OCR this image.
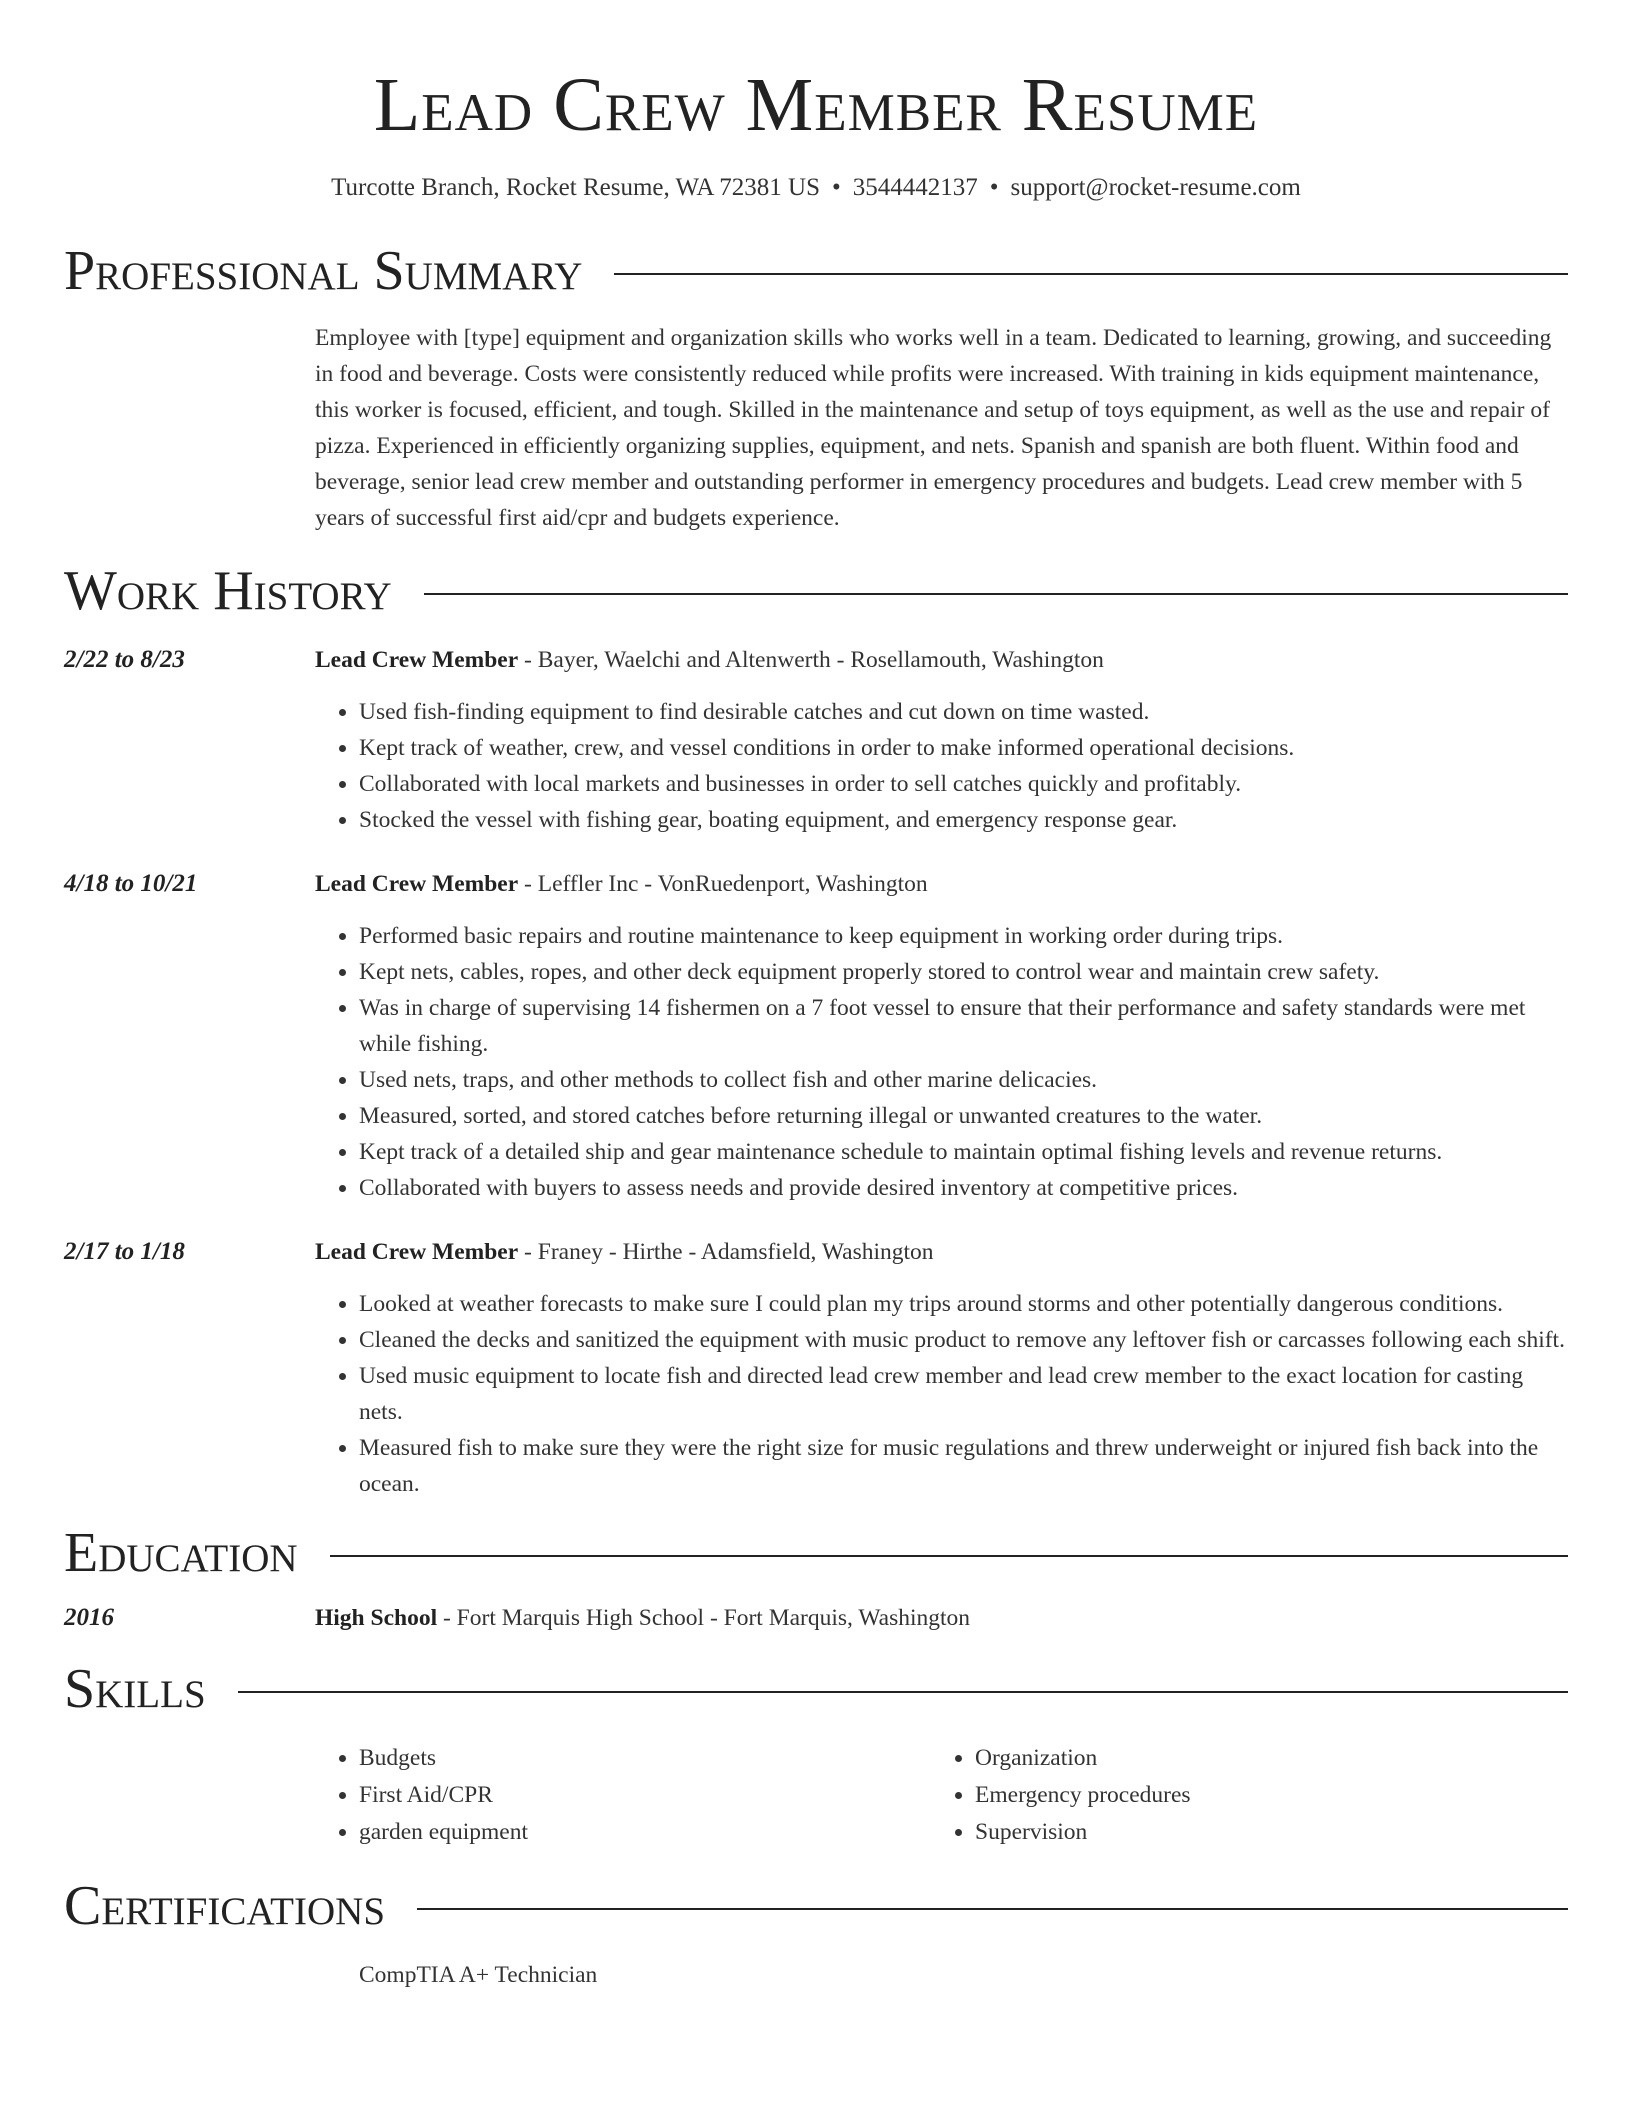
Lead Crew Member Resume
Turcotte Branch, Rocket Resume, WA 72381 US • 3544442137 • support@rocket-resume.com
Professional Summary
Employee with [type] equipment and organization skills who works well in a team. Dedicated to learning, growing, and succeeding in food and beverage. Costs were consistently reduced while profits were increased. With training in kids equipment maintenance, this worker is focused, efficient, and tough. Skilled in the maintenance and setup of toys equipment, as well as the use and repair of pizza. Experienced in efficiently organizing supplies, equipment, and nets. Spanish and spanish are both fluent. Within food and beverage, senior lead crew member and outstanding performer in emergency procedures and budgets. Lead crew member with 5 years of successful first aid/cpr and budgets experience.
Work History
2/22 to 8/23	Lead Crew Member - Bayer, Waelchi and Altenwerth - Rosellamouth, Washington
• Used fish-finding equipment to find desirable catches and cut down on time wasted.
• Kept track of weather, crew, and vessel conditions in order to make informed operational decisions.
• Collaborated with local markets and businesses in order to sell catches quickly and profitably.
• Stocked the vessel with fishing gear, boating equipment, and emergency response gear.
4/18 to 10/21	Lead Crew Member - Leffler Inc - VonRuedenport, Washington
• Performed basic repairs and routine maintenance to keep equipment in working order during trips.
• Kept nets, cables, ropes, and other deck equipment properly stored to control wear and maintain crew safety.
• Was in charge of supervising 14 fishermen on a 7 foot vessel to ensure that their performance and safety standards were met while fishing.
• Used nets, traps, and other methods to collect fish and other marine delicacies.
• Measured, sorted, and stored catches before returning illegal or unwanted creatures to the water.
• Kept track of a detailed ship and gear maintenance schedule to maintain optimal fishing levels and revenue returns.
• Collaborated with buyers to assess needs and provide desired inventory at competitive prices.
2/17 to 1/18	Lead Crew Member - Franey - Hirthe - Adamsfield, Washington
• Looked at weather forecasts to make sure I could plan my trips around storms and other potentially dangerous conditions.
• Cleaned the decks and sanitized the equipment with music product to remove any leftover fish or carcasses following each shift.
• Used music equipment to locate fish and directed lead crew member and lead crew member to the exact location for casting nets.
• Measured fish to make sure they were the right size for music regulations and threw underweight or injured fish back into the ocean.
Education
2016	High School - Fort Marquis High School - Fort Marquis, Washington
Skills
• Budgets
• First Aid/CPR
• garden equipment
• Organization
• Emergency procedures
• Supervision
Certifications
CompTIA A+ Technician
